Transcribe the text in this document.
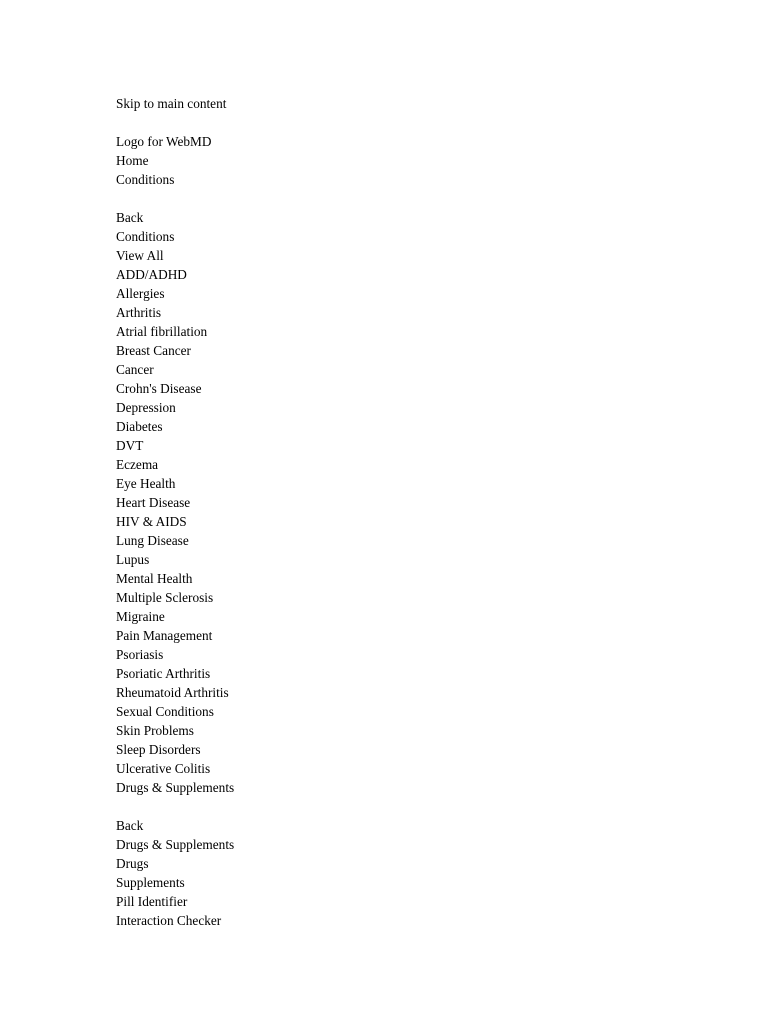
Skip to main content
Logo for WebMD
Home
Conditions
Back
Conditions
View All
ADD/ADHD
Allergies
Arthritis
Atrial fibrillation
Breast Cancer
Cancer
Crohn's Disease
Depression
Diabetes
DVT
Eczema
Eye Health
Heart Disease
HIV & AIDS
Lung Disease
Lupus
Mental Health
Multiple Sclerosis
Migraine
Pain Management
Psoriasis
Psoriatic Arthritis
Rheumatoid Arthritis
Sexual Conditions
Skin Problems
Sleep Disorders
Ulcerative Colitis
Drugs & Supplements
Back
Drugs & Supplements
Drugs
Supplements
Pill Identifier
Interaction Checker
